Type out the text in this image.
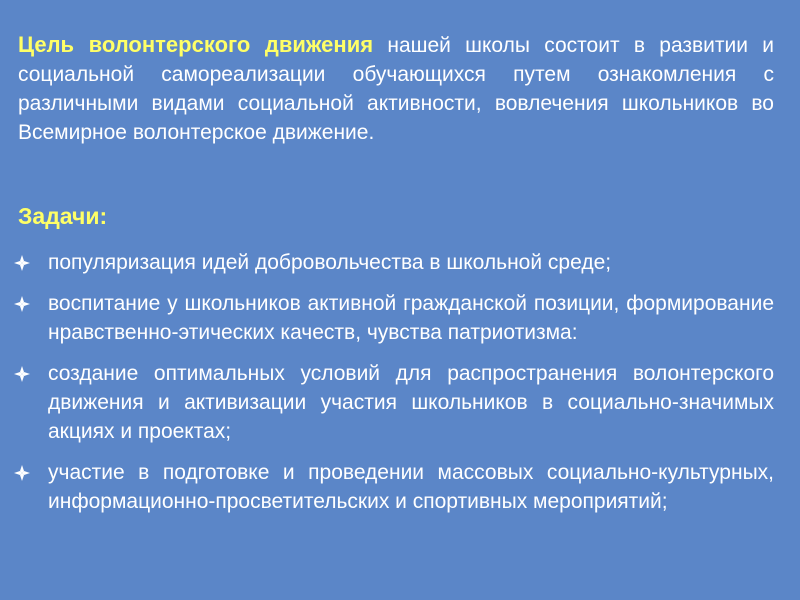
Цель волонтерского движения нашей школы состоит в развитии и социальной самореализации обучающихся путем ознакомления с различными видами социальной активности, вовлечения школьников во Всемирное волонтерское движение.
Задачи:
популяризация идей добровольчества в школьной среде;
воспитание у школьников активной гражданской позиции, формирование нравственно-этических качеств, чувства патриотизма:
создание оптимальных условий для распространения волонтерского движения и активизации участия школьников в социально-значимых акциях и проектах;
участие в подготовке и проведении массовых социально-культурных, информационно-просветительских и спортивных мероприятий;
